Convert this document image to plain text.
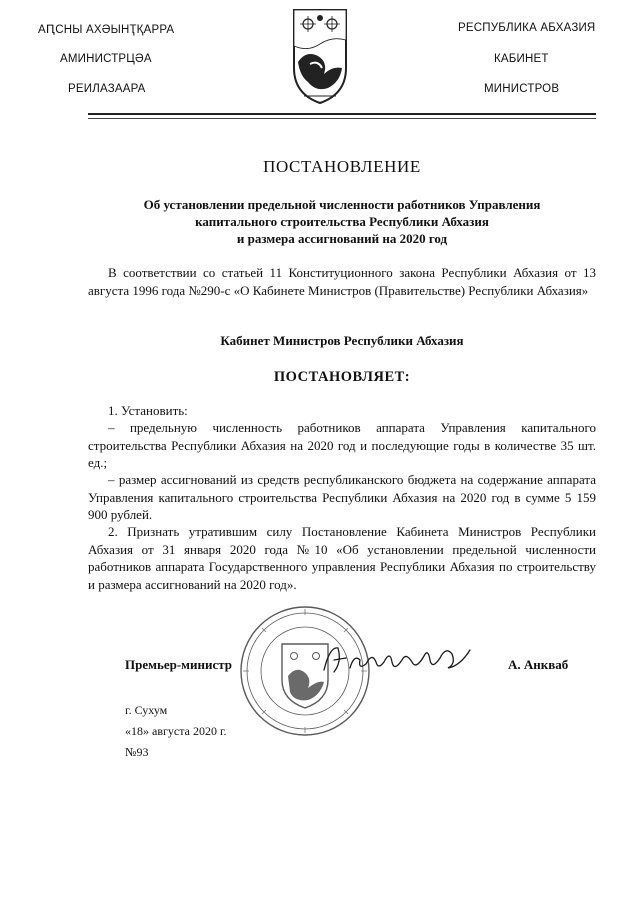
АԤСНЫ АХӘЫНҬҚАРРА
АМИНИСТРЦӘА
РЕИЛАЗААРА
РЕСПУБЛИКА АБХАЗИЯ
КАБИНЕТ
МИНИСТРОВ
ПОСТАНОВЛЕНИЕ
Об установлении предельной численности работников Управления
капитального строительства Республики Абхазия
и размера ассигнований на 2020 год
В соответствии со статьей 11 Конституционного закона Республики Абхазия от 13 августа 1996 года №290-с «О Кабинете Министров (Правительстве) Республики Абхазия»
Кабинет Министров Республики Абхазия
ПОСТАНОВЛЯЕТ:
1. Установить:
– предельную численность работников аппарата Управления капитального строительства Республики Абхазия на 2020 год и последующие годы в количестве 35 шт. ед.;
– размер ассигнований из средств республиканского бюджета на содержание аппарата Управления капитального строительства Республики Абхазия на 2020 год в сумме 5 159 900 рублей.
2. Признать утратившим силу Постановление Кабинета Министров Республики Абхазия от 31 января 2020 года №10 «Об установлении предельной численности работников аппарата Государственного управления Республики Абхазия по строительству и размера ассигнований на 2020 год».
Премьер-министр	А. Анкваб
г. Сухум
«18» августа 2020 г.
№93
